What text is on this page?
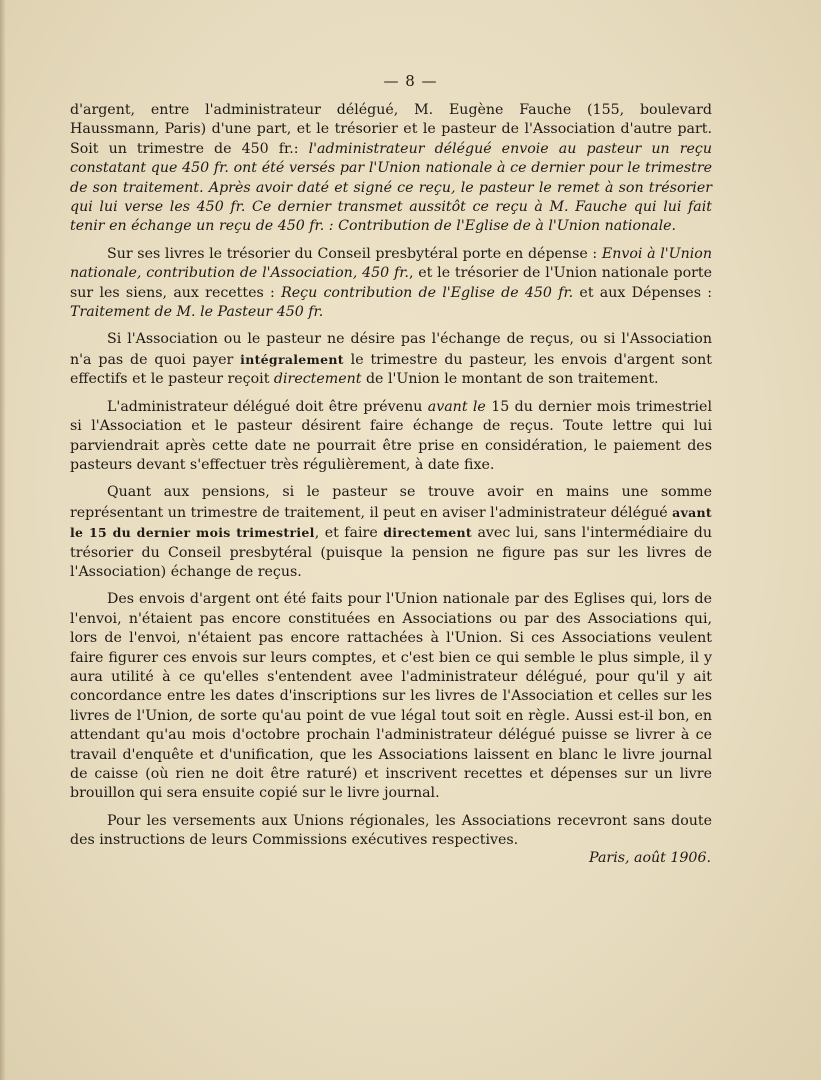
— 8 —

d'argent, entre l'administrateur délégué, M. Eugène Fauche (155, boulevard Haussmann, Paris) d'une part, et le trésorier et le pasteur de l'Association d'autre part. Soit un trimestre de 450 fr.: l'administrateur délégué envoie au pasteur un reçu constatant que 450 fr. ont été versés par l'Union nationale à ce dernier pour le trimestre de son traitement. Après avoir daté et signé ce reçu, le pasteur le remet à son trésorier qui lui verse les 450 fr. Ce dernier transmet aussitôt ce reçu à M. Fauche qui lui fait tenir en échange un reçu de 450 fr. : Contribution de l'Eglise de à l'Union nationale.

Sur ses livres le trésorier du Conseil presbytéral porte en dépense : Envoi à l'Union nationale, contribution de l'Association, 450 fr., et le trésorier de l'Union nationale porte sur les siens, aux recettes : Reçu contribution de l'Eglise de 450 fr. et aux Dépenses : Traitement de M. le Pasteur 450 fr.

Si l'Association ou le pasteur ne désire pas l'échange de reçus, ou si l'Association n'a pas de quoi payer intégralement le trimestre du pasteur, les envois d'argent sont effectifs et le pasteur reçoit directement de l'Union le montant de son traitement.

L'administrateur délégué doit être prévenu avant le 15 du dernier mois trimestriel si l'Association et le pasteur désirent faire échange de reçus. Toute lettre qui lui parviendrait après cette date ne pourrait être prise en considération, le paiement des pasteurs devant s'effectuer très régulièrement, à date fixe.

Quant aux pensions, si le pasteur se trouve avoir en mains une somme représentant un trimestre de traitement, il peut en aviser l'administrateur délégué avant le 15 du dernier mois trimestriel, et faire directement avec lui, sans l'intermédiaire du trésorier du Conseil presbytéral (puisque la pension ne figure pas sur les livres de l'Association) échange de reçus.

Des envois d'argent ont été faits pour l'Union nationale par des Eglises qui, lors de l'envoi, n'étaient pas encore constituées en Associations ou par des Associations qui, lors de l'envoi, n'étaient pas encore rattachées à l'Union. Si ces Associations veulent faire figurer ces envois sur leurs comptes, et c'est bien ce qui semble le plus simple, il y aura utilité à ce qu'elles s'entendent avee l'administrateur délégué, pour qu'il y ait concordance entre les dates d'inscriptions sur les livres de l'Association et celles sur les livres de l'Union, de sorte qu'au point de vue légal tout soit en règle. Aussi est-il bon, en attendant qu'au mois d'octobre prochain l'administrateur délégué puisse se livrer à ce travail d'enquête et d'unification, que les Associations laissent en blanc le livre journal de caisse (où rien ne doit être raturé) et inscrivent recettes et dépenses sur un livre brouillon qui sera ensuite copié sur le livre journal.

Pour les versements aux Unions régionales, les Associations recevront sans doute des instructions de leurs Commissions exécutives respectives.

Paris, août 1906.
